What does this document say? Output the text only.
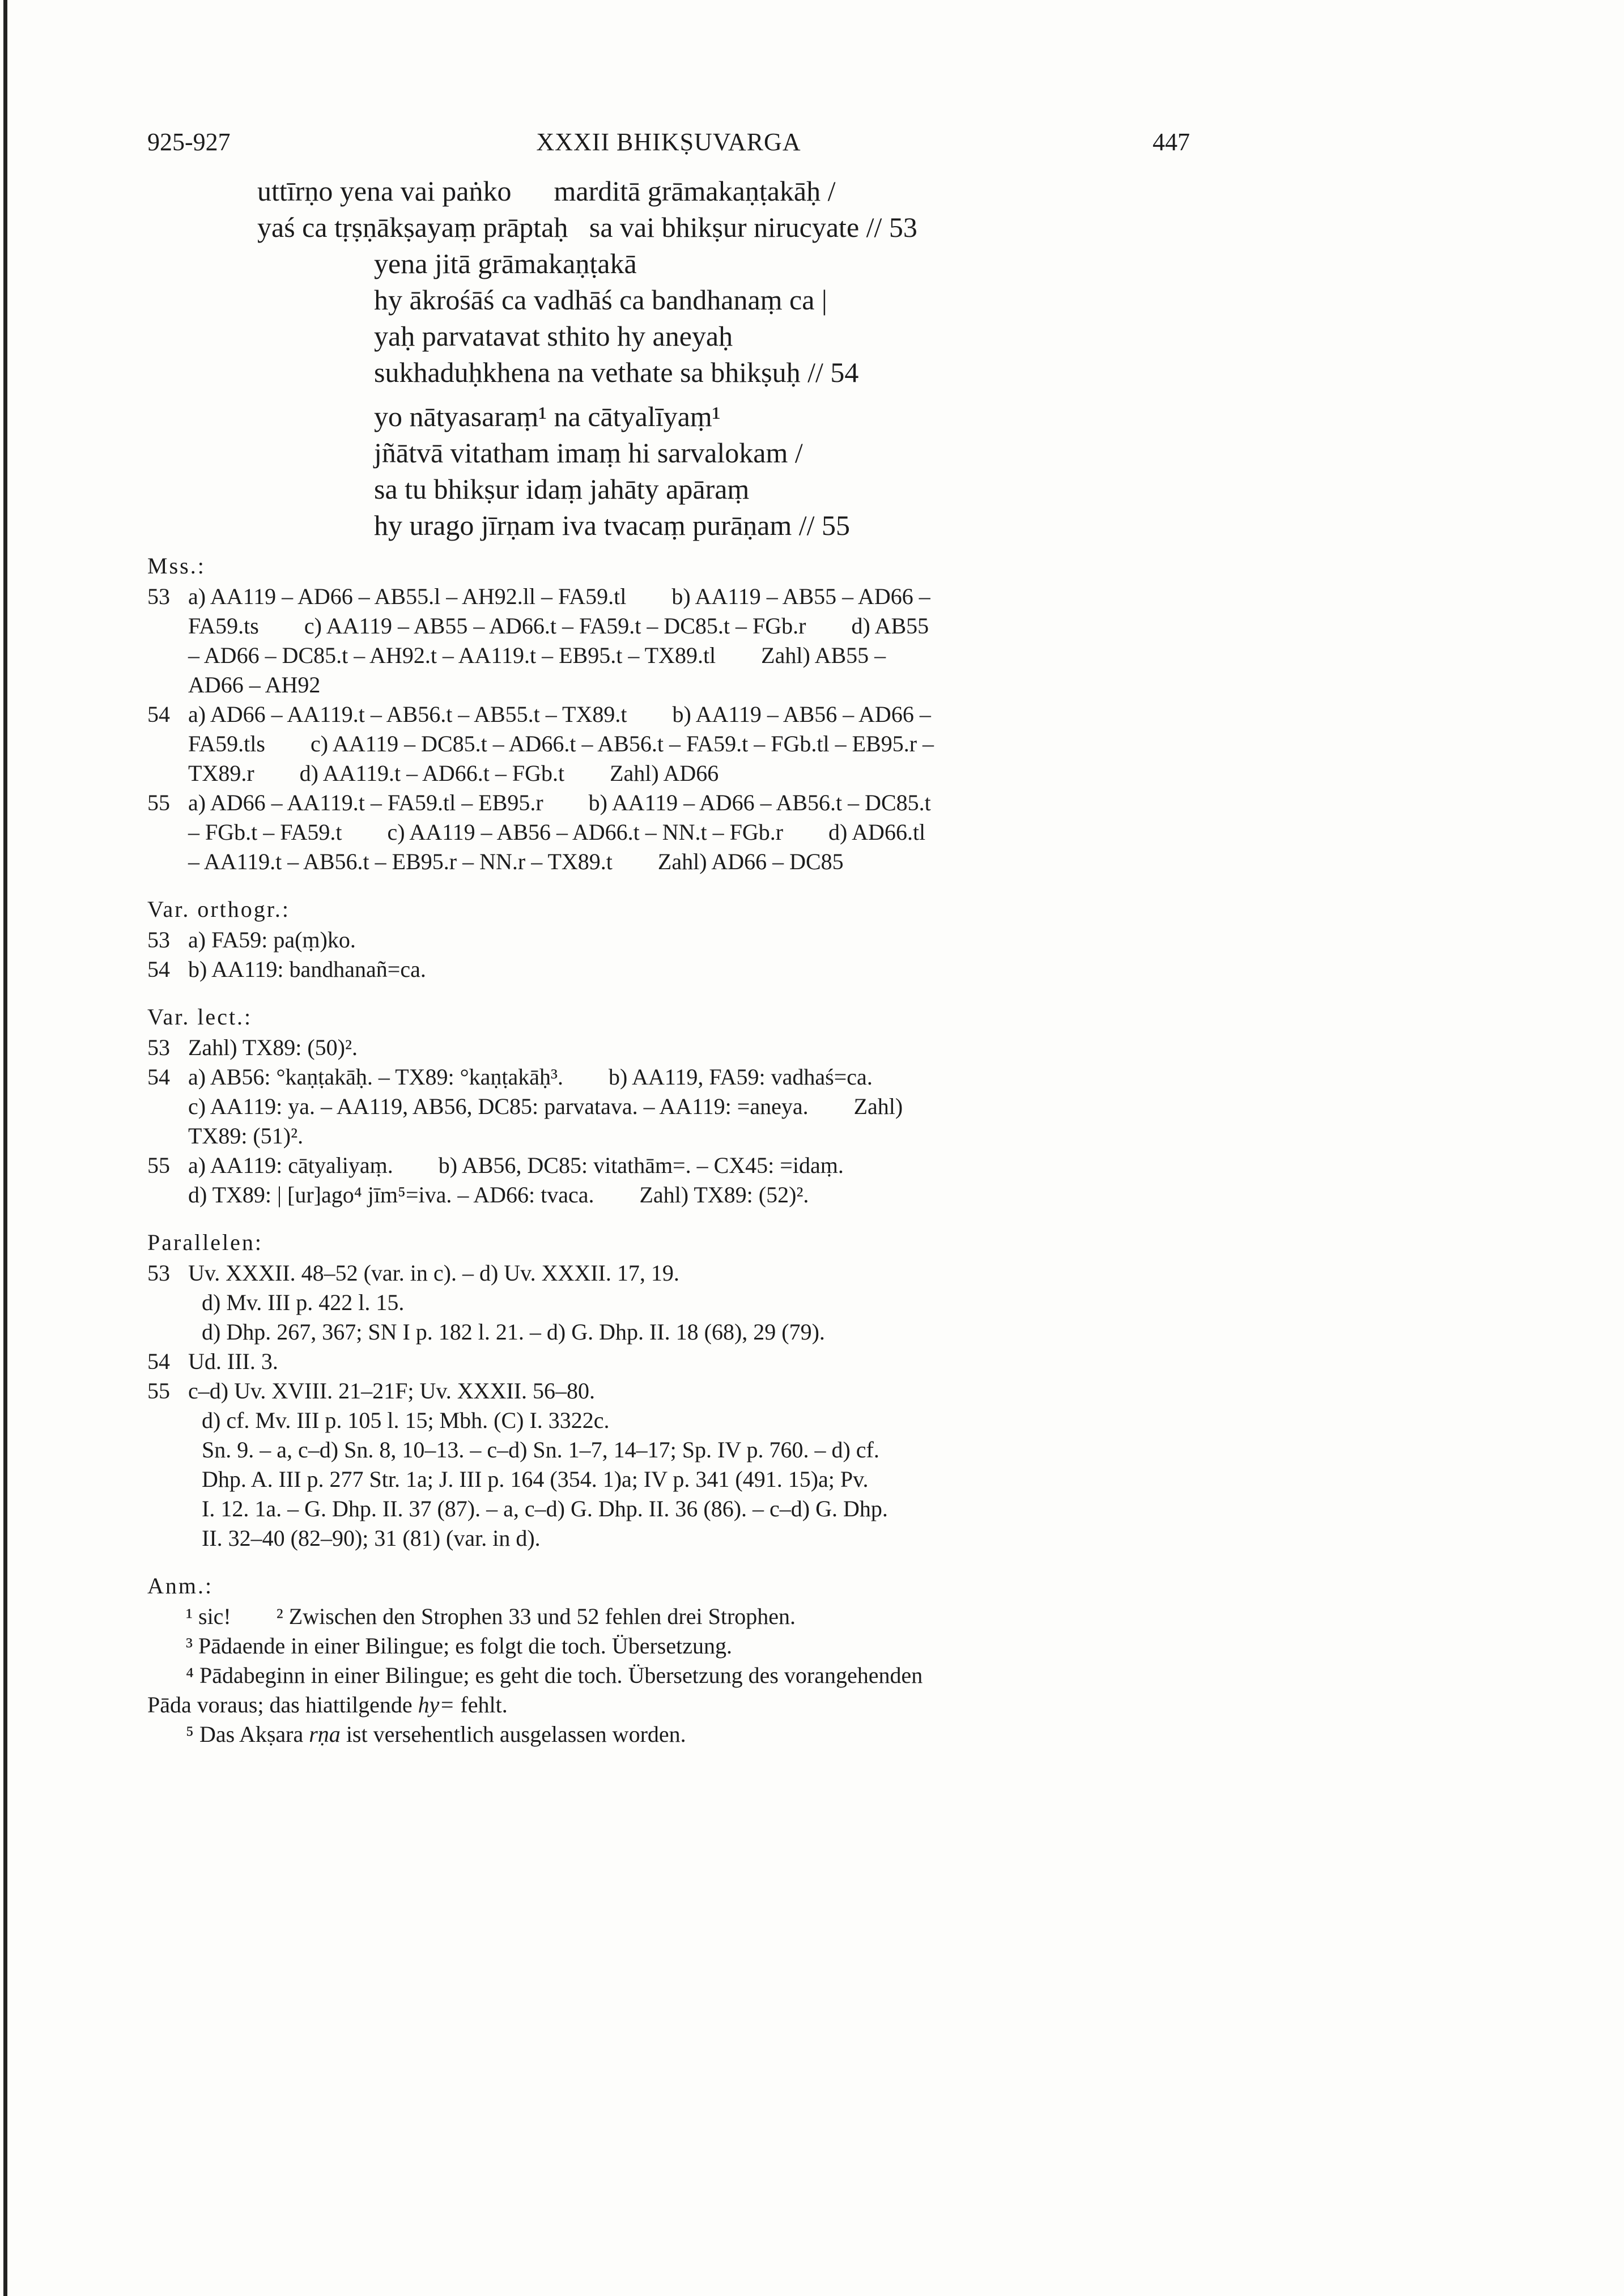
925-927	XXXII BHIKṢUVARGA	447
uttīrṇo yena vai paṅko      marditā grāmakaṇṭakāḥ /
yaś ca tṛṣṇākṣayaṃ prāptaḥ   sa vai bhikṣur nirucyate // 53
yena jitā grāmakaṇṭakā
hy ākrośāś ca vadhāś ca bandhanaṃ ca |
yaḥ parvatavat sthito hy aneyaḥ
sukhaduḥkhena na vethate sa bhikṣuḥ // 54
yo nātyasaraṃ¹ na cātyalīyaṃ¹
jñātvā vitatham imaṃ hi sarvalokam /
sa tu bhikṣur idaṃ jahāty apāraṃ
hy urago jīrṇam iva tvacaṃ purāṇam // 55
Mss.:
53 a) AA119 – AD66 – AB55.l – AH92.ll – FA59.tl        b) AA119 – AB55 – AD66 –
FA59.ts        c) AA119 – AB55 – AD66.t – FA59.t – DC85.t – FGb.r        d) AB55
– AD66 – DC85.t – AH92.t – AA119.t – EB95.t – TX89.tl        Zahl) AB55 –
AD66 – AH92
54 a) AD66 – AA119.t – AB56.t – AB55.t – TX89.t        b) AA119 – AB56 – AD66 –
FA59.tls        c) AA119 – DC85.t – AD66.t – AB56.t – FA59.t – FGb.tl – EB95.r –
TX89.r        d) AA119.t – AD66.t – FGb.t        Zahl) AD66
55 a) AD66 – AA119.t – FA59.tl – EB95.r        b) AA119 – AD66 – AB56.t – DC85.t
– FGb.t – FA59.t        c) AA119 – AB56 – AD66.t – NN.t – FGb.r        d) AD66.tl
– AA119.t – AB56.t – EB95.r – NN.r – TX89.t        Zahl) AD66 – DC85
Var. orthogr.:
53 a) FA59: pa(ṃ)ko.
54 b) AA119: bandhanañ=ca.
Var. lect.:
53 Zahl) TX89: (50)².
54 a) AB56: °kaṇṭakāḥ. – TX89: °kaṇṭakāḥ³.        b) AA119, FA59: vadhaś=ca.
c) AA119: ya. – AA119, AB56, DC85: parvatava. – AA119: =aneya.        Zahl)
TX89: (51)².
55 a) AA119: cātyaliyaṃ.        b) AB56, DC85: vitathām=. – CX45: =idaṃ.
d) TX89: | [ur]ago⁴ jīm⁵=iva. – AD66: tvaca.        Zahl) TX89: (52)².
Parallelen:
53 Uv. XXXII. 48–52 (var. in c). – d) Uv. XXXII. 17, 19.
d) Mv. III p. 422 l. 15.
d) Dhp. 267, 367; SN I p. 182 l. 21. – d) G. Dhp. II. 18 (68), 29 (79).
54 Ud. III. 3.
55 c–d) Uv. XVIII. 21–21F; Uv. XXXII. 56–80.
d) cf. Mv. III p. 105 l. 15; Mbh. (C) I. 3322c.
Sn. 9. – a, c–d) Sn. 8, 10–13. – c–d) Sn. 1–7, 14–17; Sp. IV p. 760. – d) cf.
Dhp. A. III p. 277 Str. 1a; J. III p. 164 (354. 1)a; IV p. 341 (491. 15)a; Pv.
I. 12. 1a. – G. Dhp. II. 37 (87). – a, c–d) G. Dhp. II. 36 (86). – c–d) G. Dhp.
II. 32–40 (82–90); 31 (81) (var. in d).
Anm.:
¹ sic! ² Zwischen den Strophen 33 und 52 fehlen drei Strophen.
³ Pādaende in einer Bilingue; es folgt die toch. Übersetzung.
⁴ Pādabeginn in einer Bilingue; es geht die toch. Übersetzung des vorangehenden
Pāda voraus; das hiattilgende hy= fehlt.
⁵ Das Akṣara rṇa ist versehentlich ausgelassen worden.
